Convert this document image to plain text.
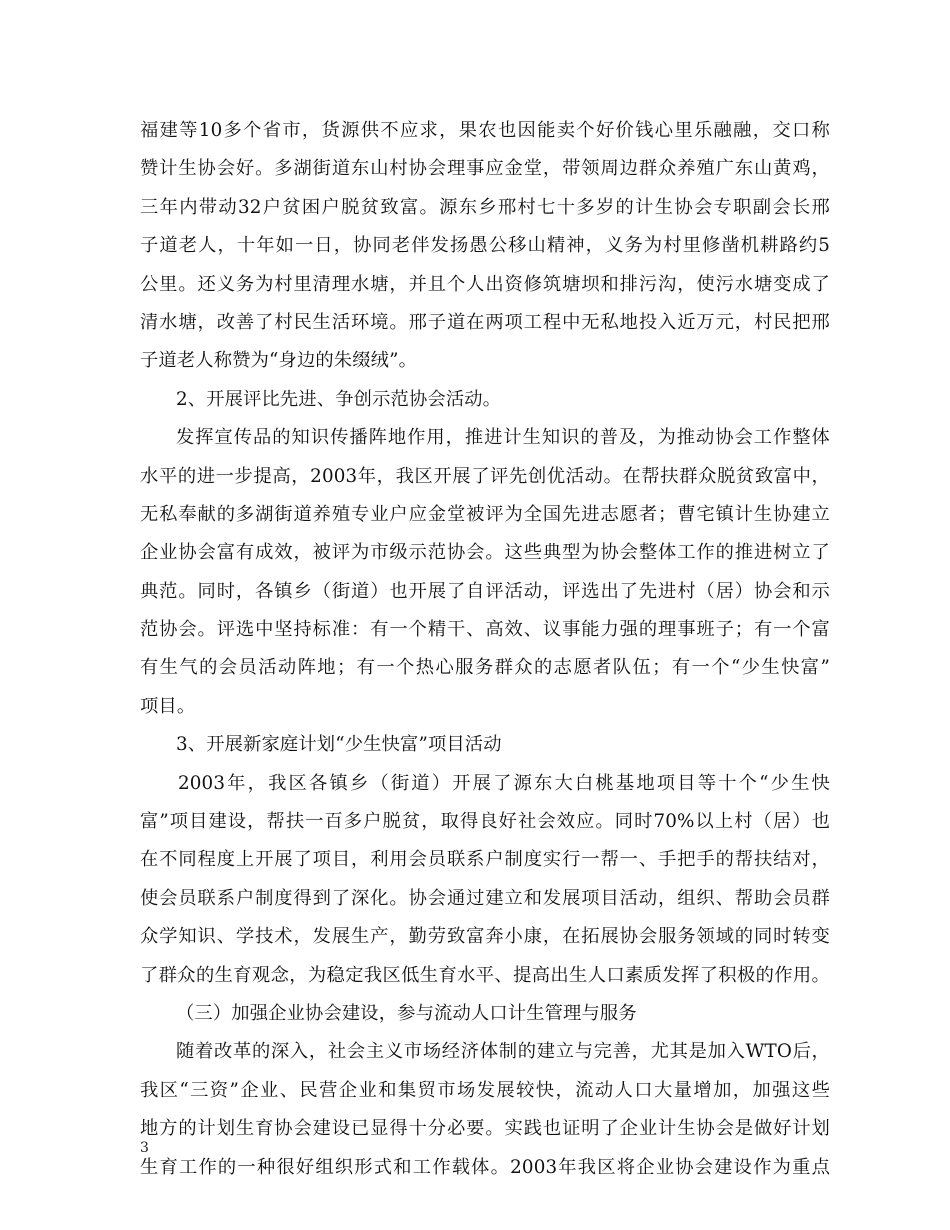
福建等10多个省市，货源供不应求，果农也因能卖个好价钱心里乐融融，交口称
赞计生协会好。多湖街道东山村协会理事应金堂，带领周边群众养殖广东山黄鸡，
三年内带动32户贫困户脱贫致富。源东乡邢村七十多岁的计生协会专职副会长邢
子道老人，十年如一日，协同老伴发扬愚公移山精神，义务为村里修凿机耕路约5
公里。还义务为村里清理水塘，并且个人出资修筑塘坝和排污沟，使污水塘变成了
清水塘，改善了村民生活环境。邢子道在两项工程中无私地投入近万元，村民把邢
子道老人称赞为“身边的朱缀绒”。
2、开展评比先进、争创示范协会活动。
发挥宣传品的知识传播阵地作用，推进计生知识的普及，为推动协会工作整体
水平的进一步提高，2003年，我区开展了评先创优活动。在帮扶群众脱贫致富中，
无私奉献的多湖街道养殖专业户应金堂被评为全国先进志愿者；曹宅镇计生协建立
企业协会富有成效，被评为市级示范协会。这些典型为协会整体工作的推进树立了
典范。同时，各镇乡（街道）也开展了自评活动，评选出了先进村（居）协会和示
范协会。评选中坚持标准：有一个精干、高效、议事能力强的理事班子；有一个富
有生气的会员活动阵地；有一个热心服务群众的志愿者队伍；有一个“少生快富”
项目。
3、开展新家庭计划“少生快富”项目活动
2003年，我区各镇乡（街道）开展了源东大白桃基地项目等十个“少生快
富”项目建设，帮扶一百多户脱贫，取得良好社会效应。同时70%以上村（居）也
在不同程度上开展了项目，利用会员联系户制度实行一帮一、手把手的帮扶结对，
使会员联系户制度得到了深化。协会通过建立和发展项目活动，组织、帮助会员群
众学知识、学技术，发展生产，勤劳致富奔小康，在拓展协会服务领域的同时转变
了群众的生育观念，为稳定我区低生育水平、提高出生人口素质发挥了积极的作用。
（三）加强企业协会建设，参与流动人口计生管理与服务
随着改革的深入，社会主义市场经济体制的建立与完善，尤其是加入WTO后，
我区“三资”企业、民营企业和集贸市场发展较快，流动人口大量增加，加强这些
地方的计划生育协会建设已显得十分必要。实践也证明了企业计生协会是做好计划
生育工作的一种很好组织形式和工作载体。2003年我区将企业协会建设作为重点
3
